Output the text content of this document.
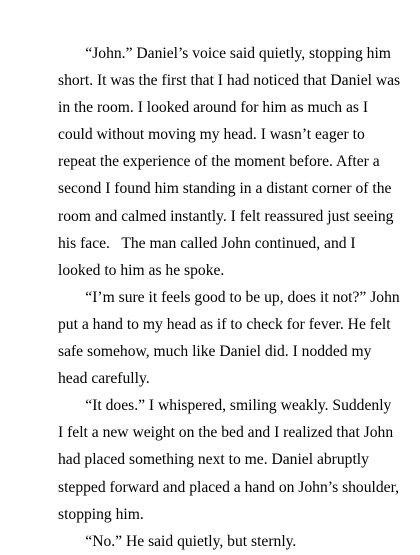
“John.” Daniel’s voice said quietly, stopping him
short. It was the first that I had noticed that Daniel was
in the room. I looked around for him as much as I
could without moving my head. I wasn’t eager to
repeat the experience of the moment before. After a
second I found him standing in a distant corner of the
room and calmed instantly. I felt reassured just seeing
his face.   The man called John continued, and I
looked to him as he spoke.
“I’m sure it feels good to be up, does it not?” John
put a hand to my head as if to check for fever. He felt
safe somehow, much like Daniel did. I nodded my
head carefully.
“It does.” I whispered, smiling weakly. Suddenly
I felt a new weight on the bed and I realized that John
had placed something next to me. Daniel abruptly
stepped forward and placed a hand on John’s shoulder,
stopping him.
“No.” He said quietly, but sternly.
